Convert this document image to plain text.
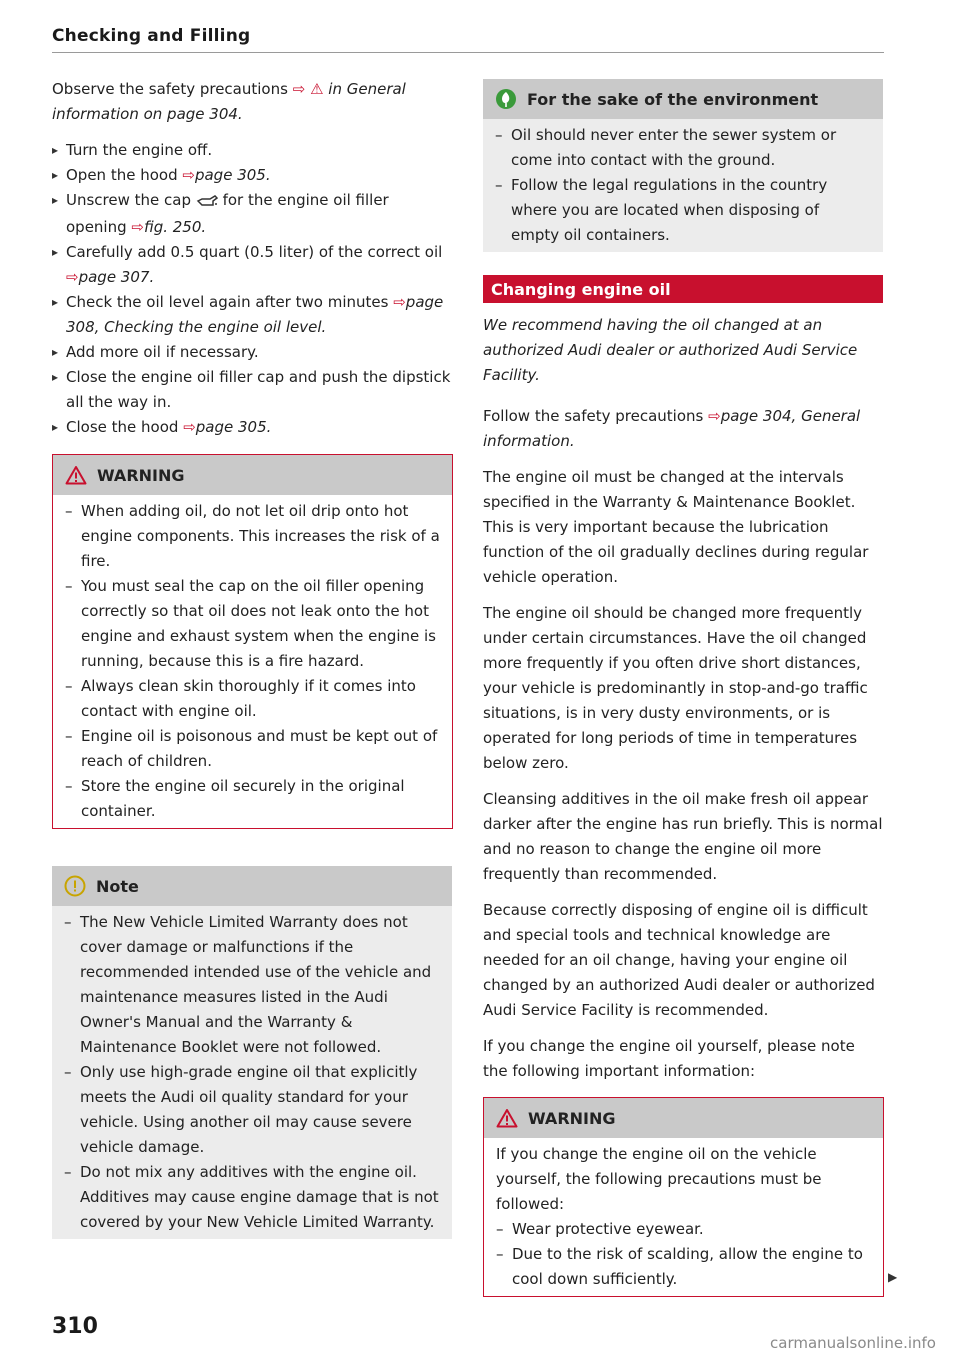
Checking and Filling

Observe the safety precautions ⇨ ⚠ in General information on page 304.

▸ Turn the engine off.
▸ Open the hood ⇨page 305.
▸ Unscrew the cap for the engine oil filler opening ⇨fig. 250.
▸ Carefully add 0.5 quart (0.5 liter) of the correct oil ⇨page 307.
▸ Check the oil level again after two minutes ⇨page 308, Checking the engine oil level.
▸ Add more oil if necessary.
▸ Close the engine oil filler cap and push the dipstick all the way in.
▸ Close the hood ⇨page 305.
WARNING
– When adding oil, do not let oil drip onto hot engine components. This increases the risk of a fire.
– You must seal the cap on the oil filler opening correctly so that oil does not leak onto the hot engine and exhaust system when the engine is running, because this is a fire hazard.
– Always clean skin thoroughly if it comes into contact with engine oil.
– Engine oil is poisonous and must be kept out of reach of children.
– Store the engine oil securely in the original container.
Note
– The New Vehicle Limited Warranty does not cover damage or malfunctions if the recommended intended use of the vehicle and maintenance measures listed in the Audi Owner's Manual and the Warranty & Maintenance Booklet were not followed.
– Only use high-grade engine oil that explicitly meets the Audi oil quality standard for your vehicle. Using another oil may cause severe vehicle damage.
– Do not mix any additives with the engine oil. Additives may cause engine damage that is not covered by your New Vehicle Limited Warranty.
For the sake of the environment
– Oil should never enter the sewer system or come into contact with the ground.
– Follow the legal regulations in the country where you are located when disposing of empty oil containers.
Changing engine oil

We recommend having the oil changed at an authorized Audi dealer or authorized Audi Service Facility.

Follow the safety precautions ⇨page 304, General information.

The engine oil must be changed at the intervals specified in the Warranty & Maintenance Booklet. This is very important because the lubrication function of the oil gradually declines during regular vehicle operation.

The engine oil should be changed more frequently under certain circumstances. Have the oil changed more frequently if you often drive short distances, your vehicle is predominantly in stop-and-go traffic situations, is in very dusty environments, or is operated for long periods of time in temperatures below zero.

Cleansing additives in the oil make fresh oil appear darker after the engine has run briefly. This is normal and no reason to change the engine oil more frequently than recommended.

Because correctly disposing of engine oil is difficult and special tools and technical knowledge are needed for an oil change, having your engine oil changed by an authorized Audi dealer or authorized Audi Service Facility is recommended.

If you change the engine oil yourself, please note the following important information:

WARNING

If you change the engine oil on the vehicle yourself, the following precautions must be followed:

– Wear protective eyewear.
– Due to the risk of scalding, allow the engine to cool down sufficiently.	▶
310
carmanualsonline.info
